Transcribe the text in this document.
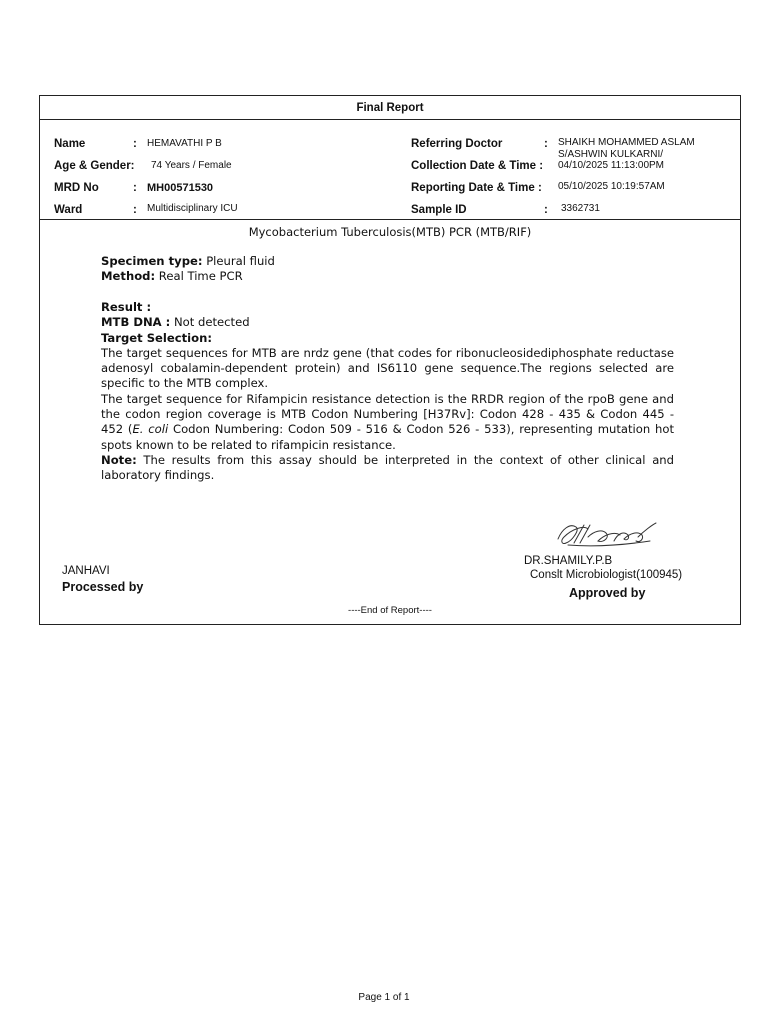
Final Report
Name	: HEMAVATHI P B
Age & Gender: 74 Years / Female
MRD No	: MH00571530
Ward	: Multidisciplinary ICU
Referring Doctor	: SHAIKH MOHAMMED ASLAM
S/ASHWIN KULKARNI/
Collection Date & Time : 04/10/2025 11:13:00PM
Reporting Date & Time : 05/10/2025 10:19:57AM
Sample ID	: 3362731
Mycobacterium Tuberculosis(MTB) PCR (MTB/RIF)
Specimen type: Pleural fluid
Method: Real Time PCR
Result :
MTB DNA : Not detected
Target Selection:
The target sequences for MTB are nrdz gene (that codes for ribonucleosidediphosphate reductase adenosyl cobalamin-dependent protein) and IS6110 gene sequence.The regions selected are specific to the MTB complex.
The target sequence for Rifampicin resistance detection is the RRDR region of the rpoB gene and the codon region coverage is MTB Codon Numbering [H37Rv]: Codon 428 - 435 & Codon 445 - 452 (E. coli Codon Numbering: Codon 509 - 516 & Codon 526 - 533), representing mutation hot spots known to be related to rifampicin resistance.
Note: The results from this assay should be interpreted in the context of other clinical and laboratory findings.
DR.SHAMILY.P.B
Conslt Microbiologist(100945)
Approved by
JANHAVI
Processed by
----End of Report----
Page 1 of 1
